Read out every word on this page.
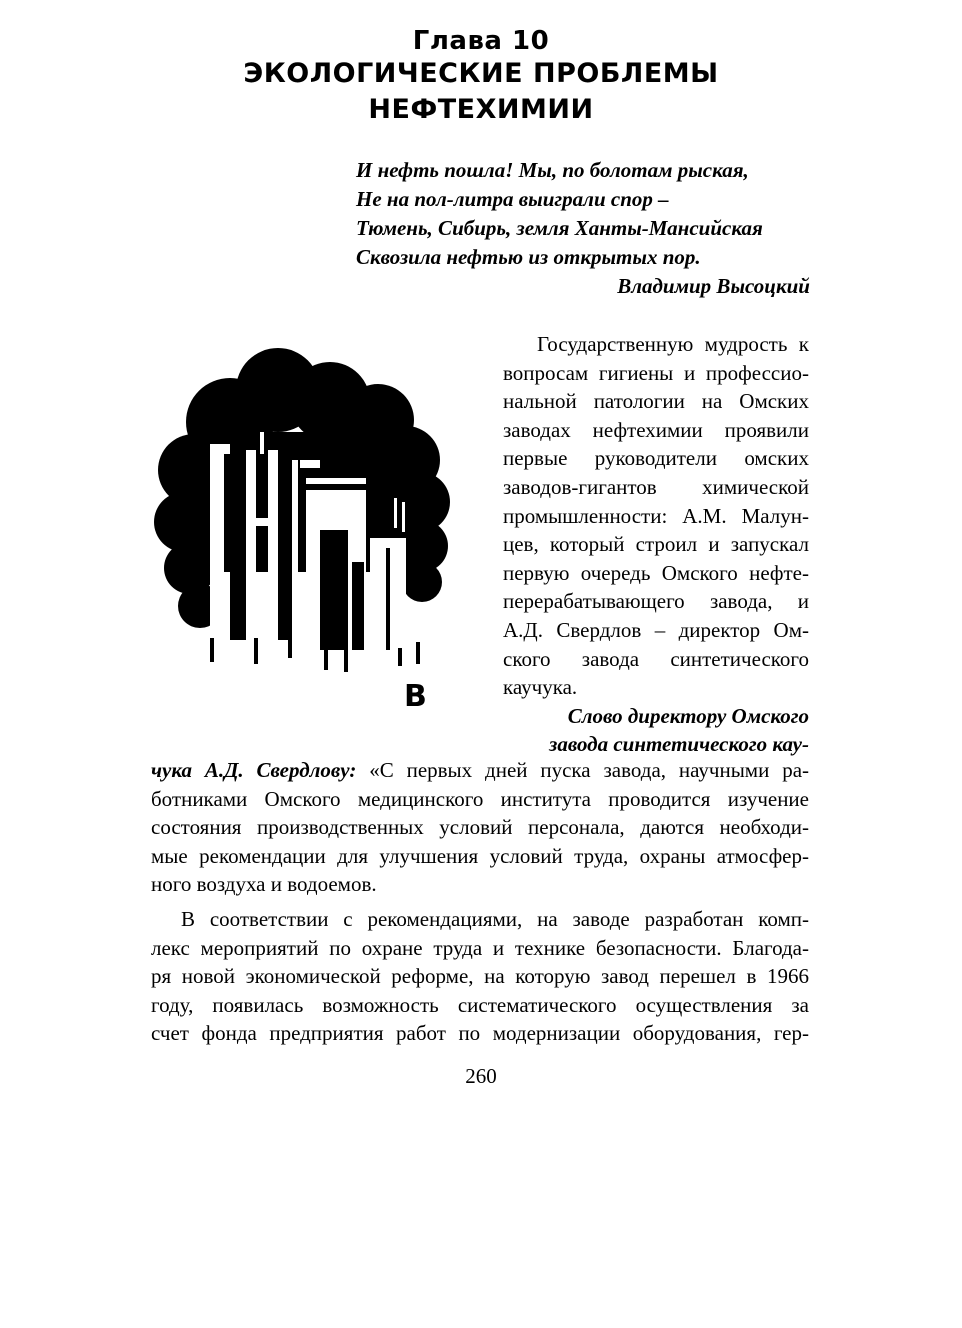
Глава 10
ЭКОЛОГИЧЕСКИЕ ПРОБЛЕМЫ
НЕФТЕХИМИИ
И нефть пошла! Мы, по болотам рыская,
Не на пол-литра выиграли спор –
Тюмень, Сибирь, земля Ханты-Мансийская
Сквозила нефтью из открытых пор.
Владимир Высоцкий
В
Государственную мудрость к
вопросам гигиены и профессио-
нальной патологии на Омских
заводах нефтехимии проявили
первые руководители омских
заводов-гигантов химической
промышленности: А.М. Малун-
цев, который строил и запускал
первую очередь Омского нефте-
перерабатывающего завода, и
А.Д. Свердлов – директор Ом-
ского завода синтетического
каучука.
Слово директору Омского
завода синтетического кау-
чука А.Д. Свердлову: «С первых дней пуска завода, научными ра-
ботниками Омского медицинского института проводится изучение
состояния производственных условий персонала, даются необходи-
мые рекомендации для улучшения условий труда, охраны атмосфер-
ного воздуха и водоемов.
В соответствии с рекомендациями, на заводе разработан комп-
лекс мероприятий по охране труда и технике безопасности. Благода-
ря новой экономической реформе, на которую завод перешел в 1966
году, появилась возможность систематического осуществления за
счет фонда предприятия работ по модернизации оборудования, гер-
260
